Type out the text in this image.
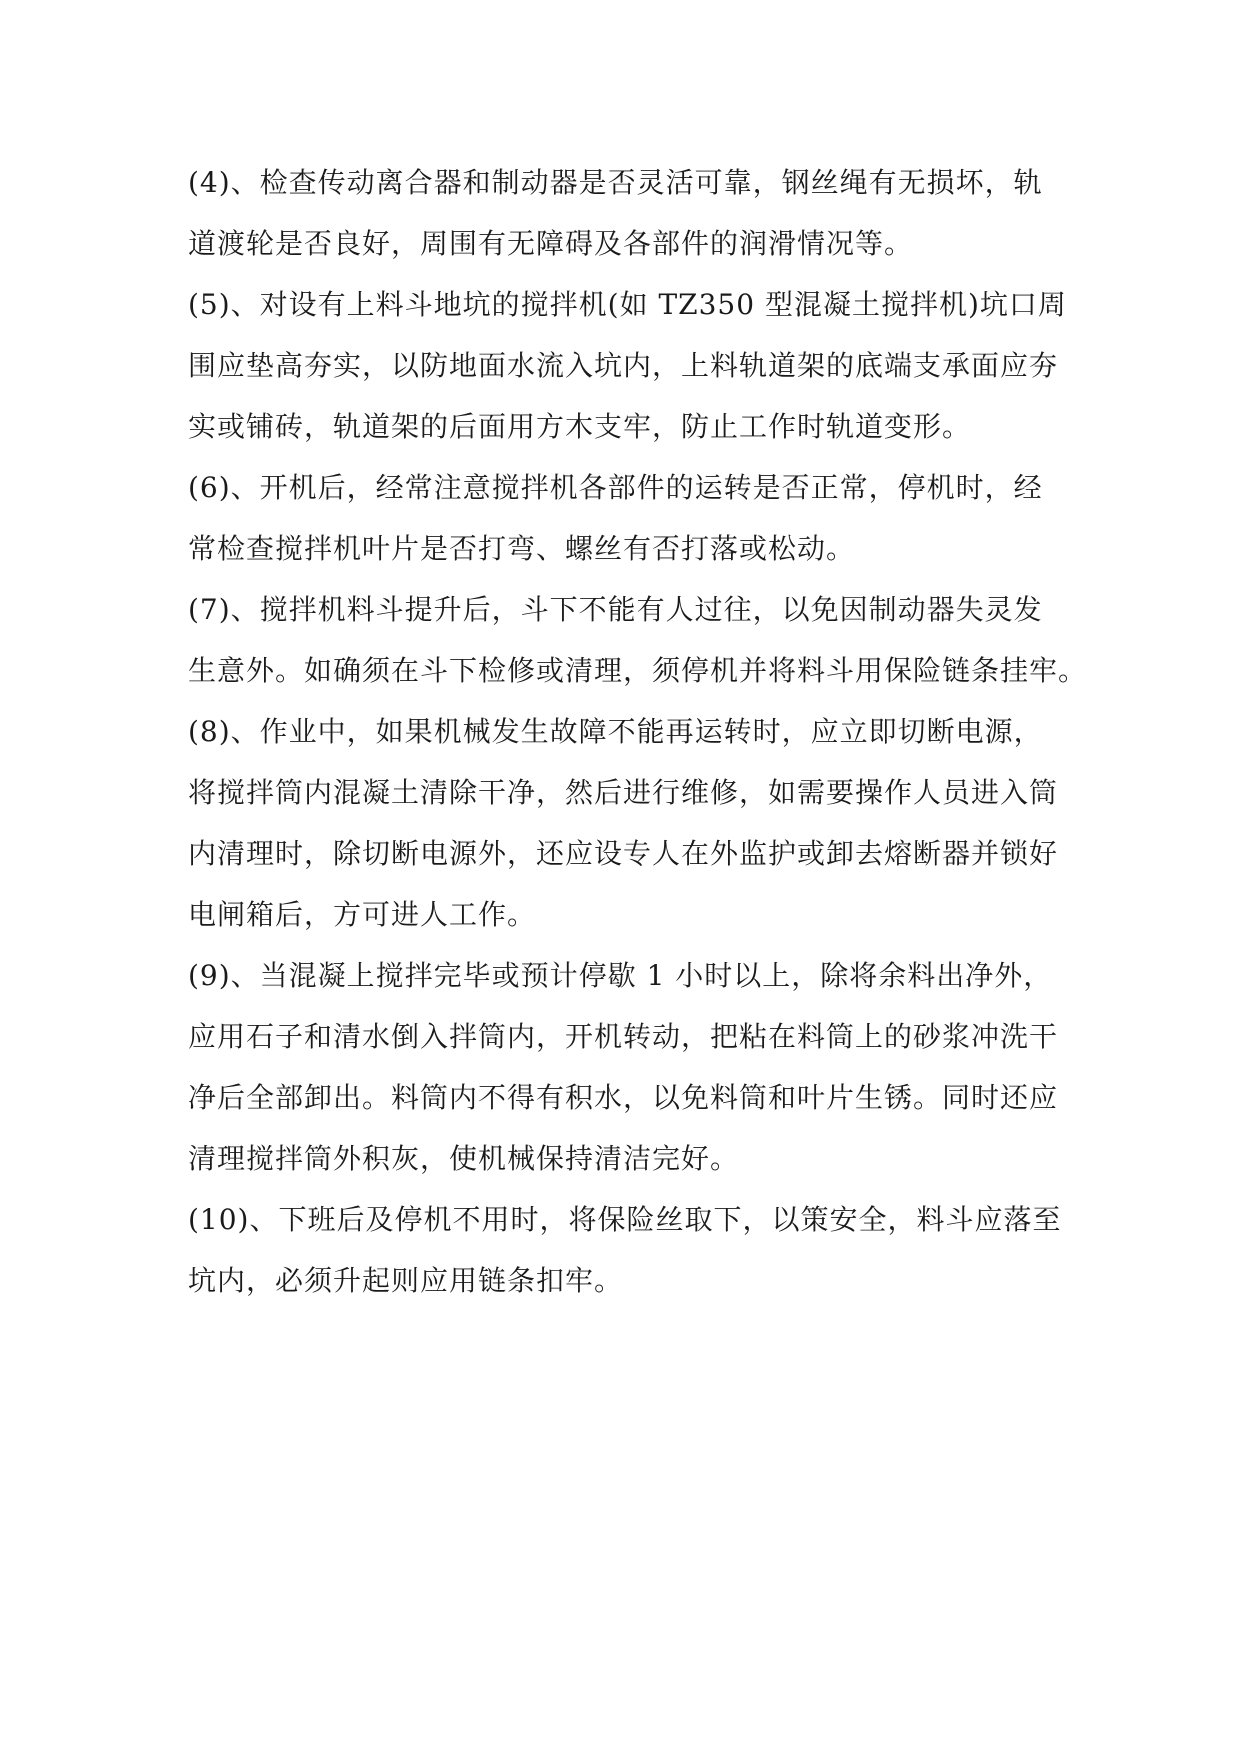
(4)、检查传动离合器和制动器是否灵活可靠，钢丝绳有无损坏，轨
道渡轮是否良好，周围有无障碍及各部件的润滑情况等。

(5)、对设有上料斗地坑的搅拌机(如 TZ350 型混凝土搅拌机)坑口周
围应垫高夯实，以防地面水流入坑内，上料轨道架的底端支承面应夯
实或铺砖，轨道架的后面用方木支牢，防止工作时轨道变形。

(6)、开机后，经常注意搅拌机各部件的运转是否正常，停机时，经
常检查搅拌机叶片是否打弯、螺丝有否打落或松动。

(7)、搅拌机料斗提升后，斗下不能有人过往，以免因制动器失灵发
生意外。如确须在斗下检修或清理，须停机并将料斗用保险链条挂牢。

(8)、作业中，如果机械发生故障不能再运转时，应立即切断电源，
将搅拌筒内混凝土清除干净，然后进行维修，如需要操作人员进入筒
内清理时，除切断电源外，还应设专人在外监护或卸去熔断器并锁好
电闸箱后，方可进人工作。

(9)、当混凝上搅拌完毕或预计停歇 1 小时以上，除将余料出净外，
应用石子和清水倒入拌筒内，开机转动，把粘在料筒上的砂浆冲洗干
净后全部卸出。料筒内不得有积水，以免料筒和叶片生锈。同时还应
清理搅拌筒外积灰，使机械保持清洁完好。

(10)、下班后及停机不用时，将保险丝取下，以策安全，料斗应落至
坑内，必须升起则应用链条扣牢。
